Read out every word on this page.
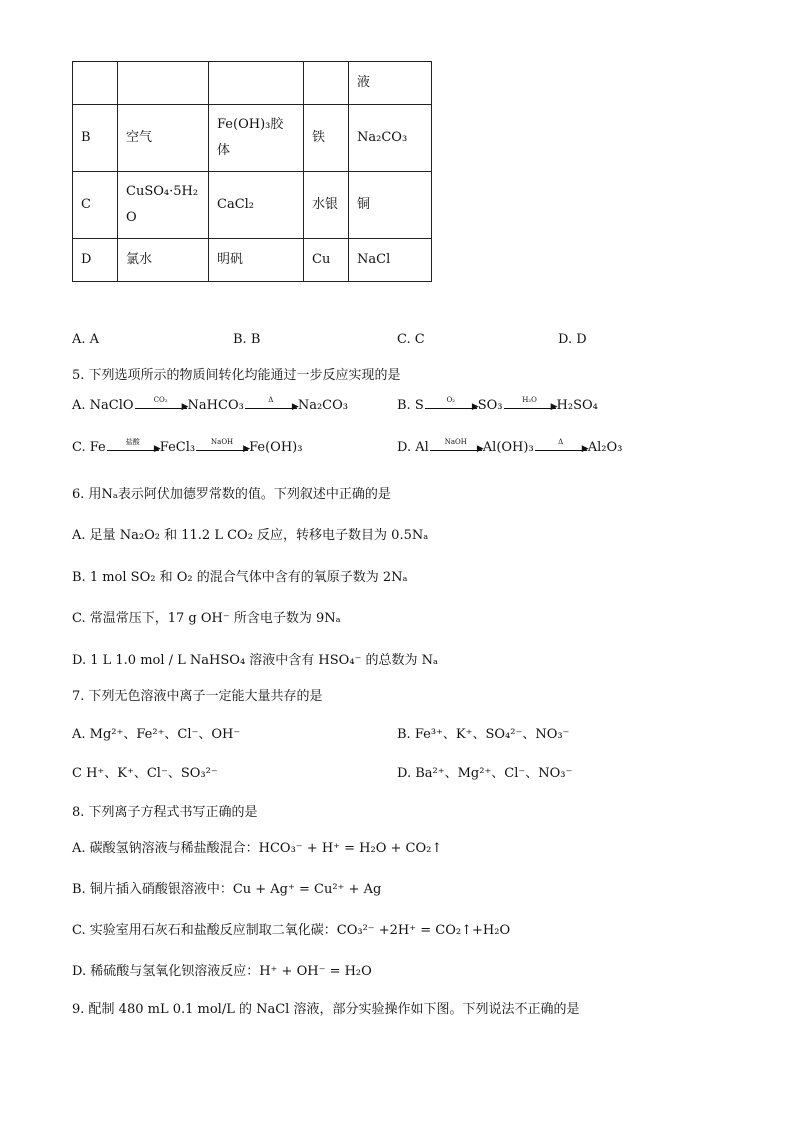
				液
B	空气	Fe(OH)₃胶体	铁	Na₂CO₃
C	CuSO₄·5H₂O	CaCl₂	水银	铜
D	氯水	明矾	Cu	NaCl
A. A	B. B	C. C	D. D
5. 下列选项所示的物质间转化均能通过一步反应实现的是
A. NaClO	CO₂
▶ NaHCO₃	Δ
▶ Na₂CO₃	B. S	O₂
▶ SO₃	H₂O
▶ H₂SO₄
C. Fe	盐酸
▶ FeCl₃	NaOH
▶ Fe(OH)₃	D. Al	NaOH
▶ Al(OH)₃	Δ
▶ Al₂O₃
6. 用Nₐ表示阿伏加德罗常数的值。下列叙述中正确的是
A. 足量 Na₂O₂ 和 11.2 L CO₂ 反应，转移电子数目为 0.5Nₐ
B. 1 mol SO₂ 和 O₂ 的混合气体中含有的氧原子数为 2Nₐ
C. 常温常压下，17 g OH⁻ 所含电子数为 9Nₐ
D. 1 L 1.0 mol / L NaHSO₄ 溶液中含有 HSO₄⁻ 的总数为 Nₐ
7. 下列无色溶液中离子一定能大量共存的是
A. Mg²⁺、Fe²⁺、Cl⁻、OH⁻	B. Fe³⁺、K⁺、SO₄²⁻、NO₃⁻
C H⁺、K⁺、Cl⁻、SO₃²⁻	D. Ba²⁺、Mg²⁺、Cl⁻、NO₃⁻
8. 下列离子方程式书写正确的是
A. 碳酸氢钠溶液与稀盐酸混合：HCO₃⁻ + H⁺ = H₂O + CO₂↑
B. 铜片插入硝酸银溶液中：Cu + Ag⁺ = Cu²⁺ + Ag
C. 实验室用石灰石和盐酸反应制取二氧化碳：CO₃²⁻ +2H⁺ = CO₂↑+H₂O
D. 稀硫酸与氢氧化钡溶液反应：H⁺ + OH⁻ = H₂O
9. 配制 480 mL 0.1 mol/L 的 NaCl 溶液，部分实验操作如下图。下列说法不正确的是
